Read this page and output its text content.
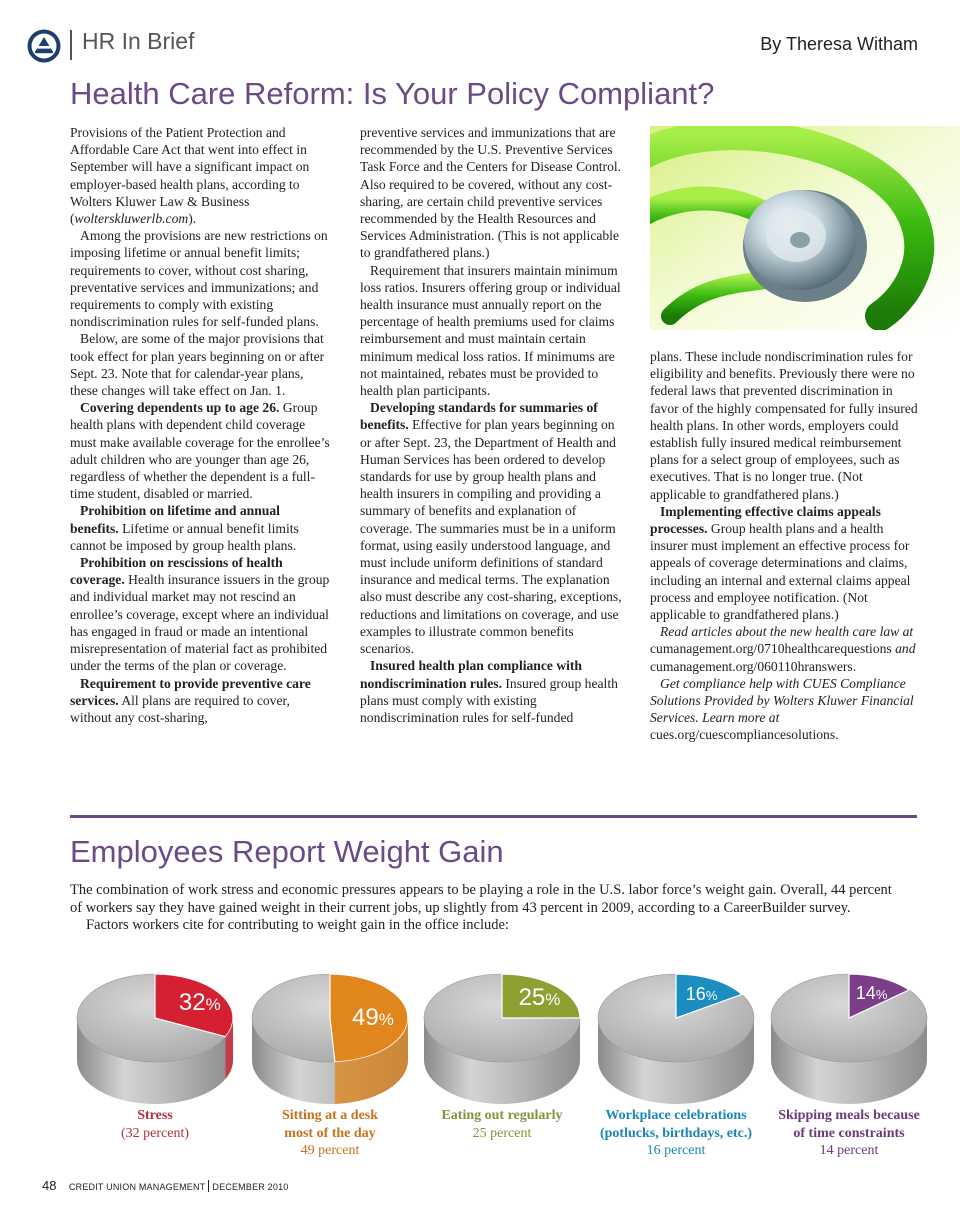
HR In Brief	By Theresa Witham
Health Care Reform: Is Your Policy Compliant?

Provisions of the Patient Protection and Affordable Care Act that went into effect in September will have a significant impact on employer-based health plans, according to Wolters Kluwer Law & Business (wolterskluwerlb.com).

Among the provisions are new restrictions on imposing lifetime or annual benefit limits; requirements to cover, without cost sharing, preventative services and immunizations; and requirements to comply with existing nondiscrimination rules for self-funded plans.

Below, are some of the major provisions that took effect for plan years beginning on or after Sept. 23. Note that for calendar-year plans, these changes will take effect on Jan. 1.

Covering dependents up to age 26. Group health plans with dependent child coverage must make available coverage for the enrollee’s adult children who are younger than age 26, regardless of whether the dependent is a full-time student, disabled or married.

Prohibition on lifetime and annual benefits. Lifetime or annual benefit limits cannot be imposed by group health plans.

Prohibition on rescissions of health coverage. Health insurance issuers in the group and individual market may not rescind an enrollee’s coverage, except where an individual has engaged in fraud or made an intentional misrepresentation of material fact as prohibited under the terms of the plan or coverage.

Requirement to provide preventive care services. All plans are required to cover, without any cost-sharing,

preventive services and immunizations that are recommended by the U.S. Preventive Services Task Force and the Centers for Disease Control. Also required to be covered, without any cost-sharing, are certain child preventive services recommended by the Health Resources and Services Administration. (This is not applicable to grandfathered plans.)

Requirement that insurers maintain minimum loss ratios. Insurers offering group or individual health insurance must annually report on the percentage of health premiums used for claims reimbursement and must maintain certain minimum medical loss ratios. If minimums are not maintained, rebates must be provided to health plan participants.

Developing standards for summaries of benefits. Effective for plan years beginning on or after Sept. 23, the Department of Health and Human Services has been ordered to develop standards for use by group health plans and health insurers in compiling and providing a summary of benefits and explanation of coverage. The summaries must be in a uniform format, using easily understood language, and must include uniform definitions of standard insurance and medical terms. The explanation also must describe any cost-sharing, exceptions, reductions and limitations on coverage, and use examples to illustrate common benefits scenarios.

Insured health plan compliance with nondiscrimination rules. Insured group health plans must comply with existing nondiscrimination rules for self-funded

plans. These include nondiscrimination rules for eligibility and benefits. Previously there were no federal laws that prevented discrimination in favor of the highly compensated for fully insured health plans. In other words, employers could establish fully insured medical reimbursement plans for a select group of employees, such as executives. That is no longer true. (Not applicable to grandfathered plans.)

Implementing effective claims appeals processes. Group health plans and a health insurer must implement an effective process for appeals of coverage determinations and claims, including an internal and external claims appeal process and employee notification. (Not applicable to grandfathered plans.)

Read articles about the new health care law at cumanagement.org/0710healthcarequestions and cumanagement.org/060110hranswers.

Get compliance help with CUES Compliance Solutions Provided by Wolters Kluwer Financial Services. Learn more at cues.org/cuescompliancesolutions.

Employees Report Weight Gain

The combination of work stress and economic pressures appears to be playing a role in the U.S. labor force’s weight gain. Overall, 44 percent of workers say they have gained weight in their current jobs, up slightly from 43 percent in 2009, according to a CareerBuilder survey.

Factors workers cite for contributing to weight gain in the office include:

32%
Stress
(32 percent)
49%
Sitting at a desk
most of the day
49 percent
25%
Eating out regularly
25 percent
16%
Workplace celebrations
(potlucks, birthdays, etc.)
16 percent
14%
Skipping meals because
of time constraints
14 percent
48 CREDIT UNION MANAGEMENT DECEMBER 2010
